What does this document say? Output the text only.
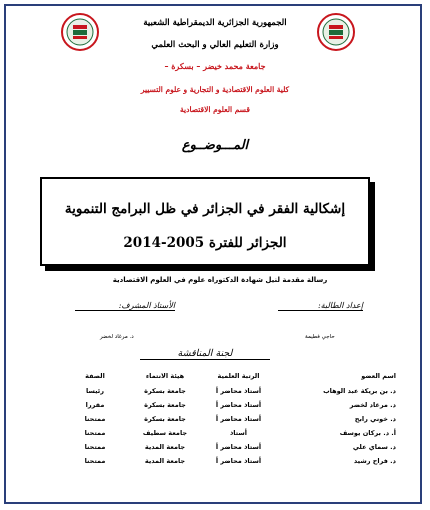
الجمهورية الجزائرية الديمقراطية الشعبية
وزارة التعليم العالي و البحث العلمي
جامعة محمد خيضر – بسكرة –
كلية العلوم الاقتصادية و التجارية و علوم التسيير
قسم العلوم الاقتصادية
المـــوضــوع
إشكالية الفقر في الجزائر في ظل البرامج التنموية
الجزائر للفترة 2005-2014
رسالة مقدمة لنيل شهادة الدكتوراه علوم في العلوم الاقتصادية
إعداد الطالبة:
الأستاذ المشرف:
حاجي فطيمة
د. مرغاد لخضر
لجنة المناقشة
اسم العضو
الرتبة العلمية
هيئة الانتماء
الصفة
د. بن بريكة عبد الوهاب
أستاذ محاضر أ
جامعة بسكرة
رئيسا
د. مرغاد لخضر
أستاذ محاضر أ
جامعة بسكرة
مقررا
د. خوني رابح
أستاذ محاضر أ
جامعة بسكرة
ممتحنا
أ. د. بركان يوسف
أستاذ
جامعة سطيف
ممتحنا
د. سماي علي
أستاذ محاضر أ
جامعة المدية
ممتحنا
د. فراح رشيد
أستاذ محاضر أ
جامعة المدية
ممتحنا
